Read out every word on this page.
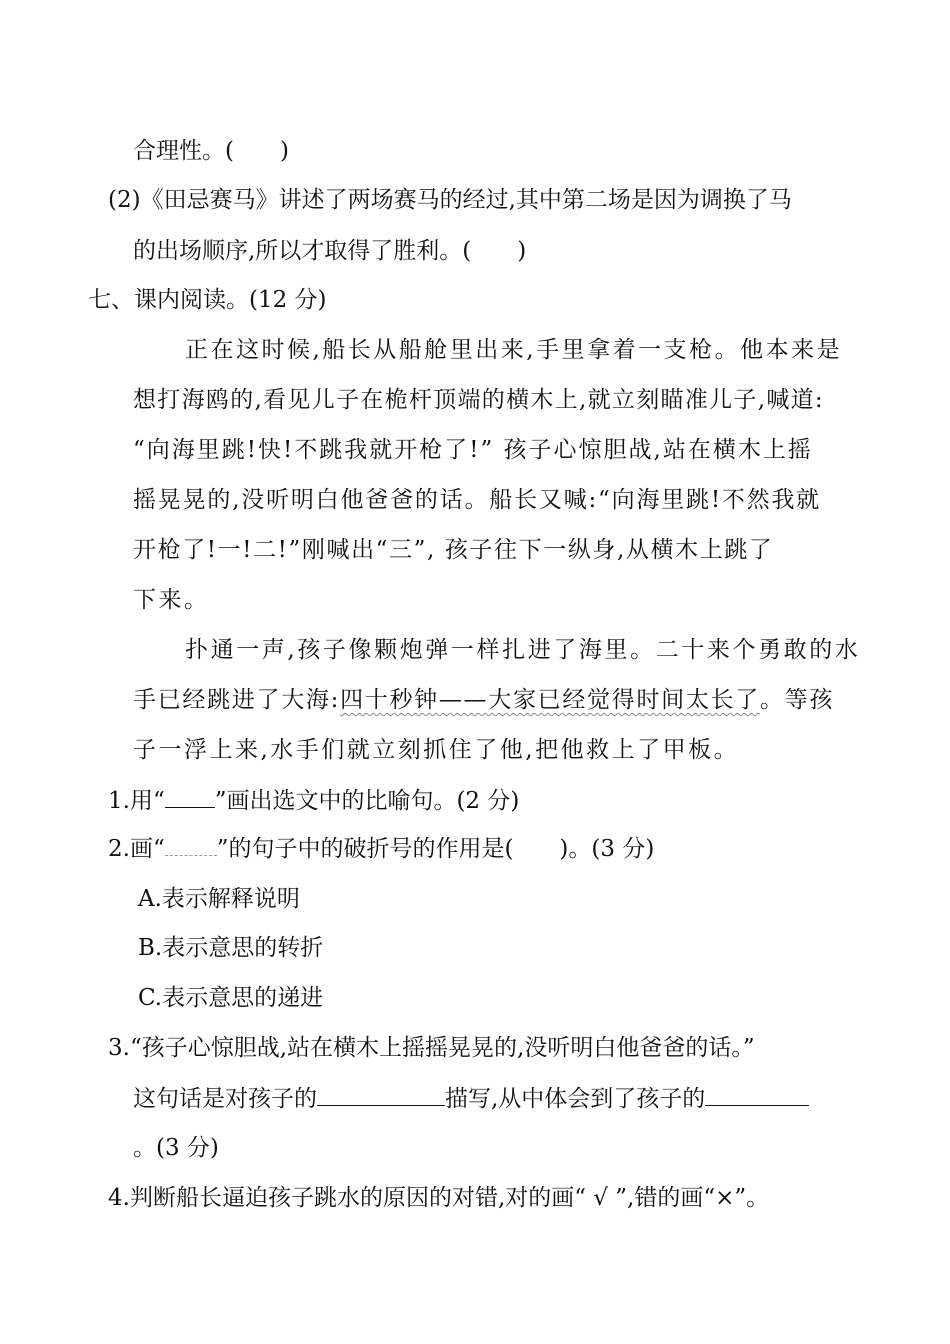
合理性。(　　)
(2)《田忌赛马》讲述了两场赛马的经过,其中第二场是因为调换了马
的出场顺序,所以才取得了胜利。(　　)
七、课内阅读。(12 分)
正在这时候,船长从船舱里出来,手里拿着一支枪。他本来是
想打海鸥的,看见儿子在桅杆顶端的横木上,就立刻瞄准儿子,喊道:
“向海里跳!快!不跳我就开枪了!” 孩子心惊胆战,站在横木上摇
摇晃晃的,没听明白他爸爸的话。船长又喊:“向海里跳!不然我就
开枪了!一!二!”刚喊出“三”, 孩子往下一纵身,从横木上跳了
下来。
扑通一声,孩子像颗炮弹一样扎进了海里。二十来个勇敢的水
手已经跳进了大海:四十秒钟——大家已经觉得时间太长了。等孩
子一浮上来,水手们就立刻抓住了他,把他救上了甲板。
1.用“ ”画出选文中的比喻句。(2 分)
2.画“ ”的句子中的破折号的作用是(　　)。(3 分)
A.表示解释说明
B.表示意思的转折
C.表示意思的递进
3.“孩子心惊胆战,站在横木上摇摇晃晃的,没听明白他爸爸的话。”
这句话是对孩子的	描写,从中体会到了孩子的
。(3 分)
4.判断船长逼迫孩子跳水的原因的对错,对的画“ √ ”,错的画“×”。
